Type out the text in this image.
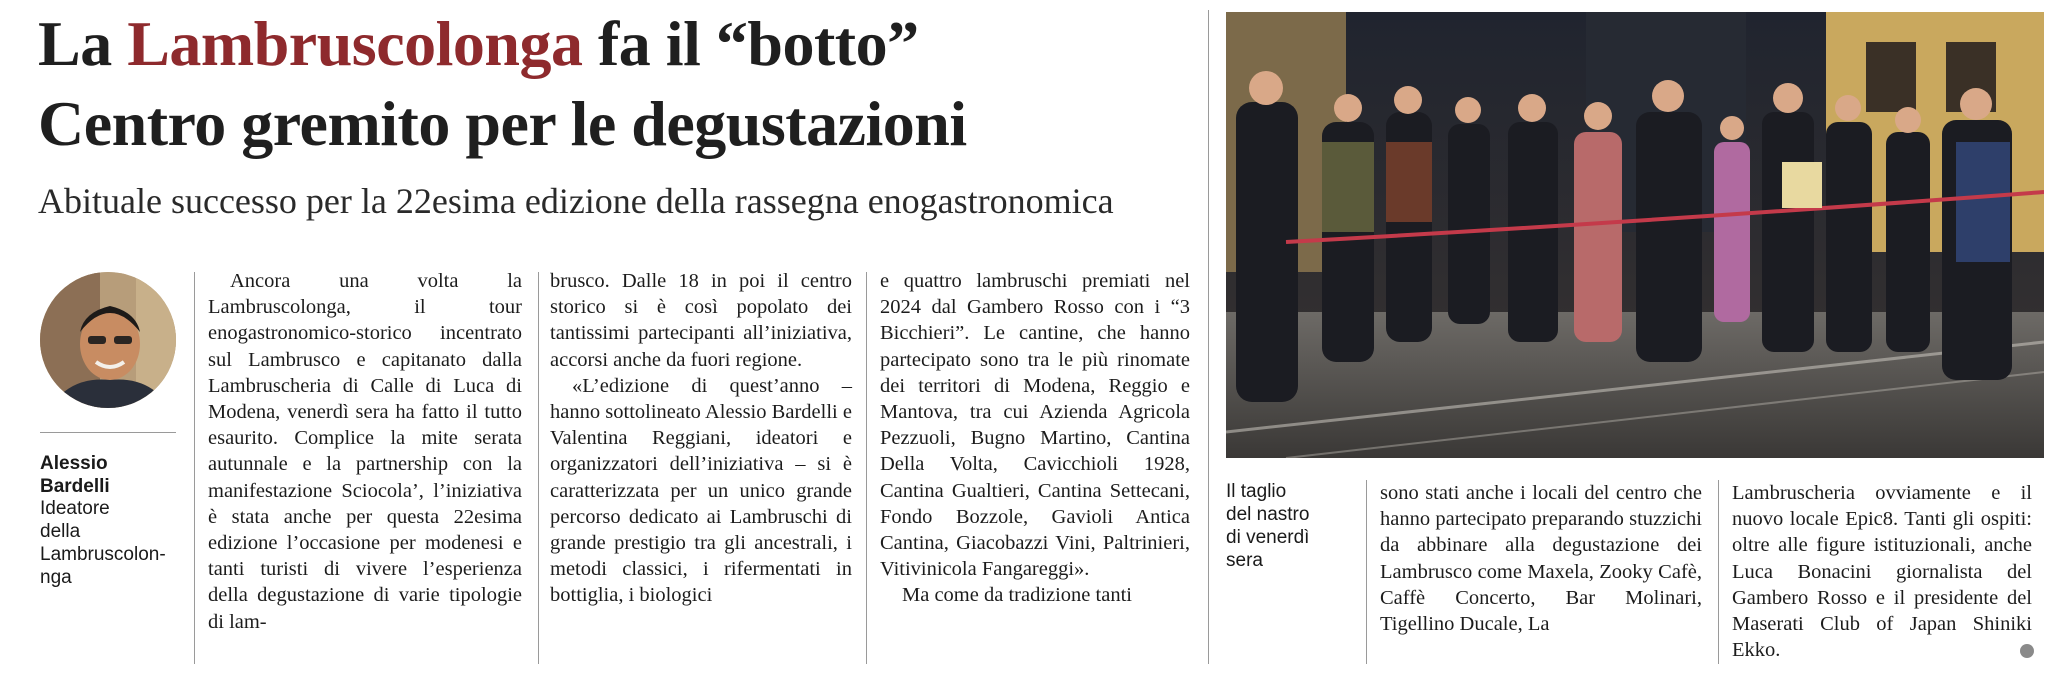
La Lambruscolonga fa il “botto”
Centro gremito per le degustazioni
Abituale successo per la 22esima edizione della rassegna enogastronomica
Alessio
Bardelli
Ideatore
della
Lambruscolon-
nga

Ancora una volta la Lambruscolonga, il tour enogastronomico-storico incentrato sul Lambrusco e capitanato dalla Lambruscheria di Calle di Luca di Modena, venerdì sera ha fatto il tutto esaurito. Complice la mite serata autunnale e la partnership con la manifestazione Sciocola’, l’iniziativa è stata anche per questa 22esima edizione l’occasione per modenesi e tanti turisti di vivere l’esperienza della degustazione di varie tipologie di lam-

brusco. Dalle 18 in poi il centro storico si è così popolato dei tantissimi partecipanti all’iniziativa, accorsi anche da fuori regione.

«L’edizione di quest’anno – hanno sottolineato Alessio Bardelli e Valentina Reggiani, ideatori e organizzatori dell’iniziativa – si è caratterizzata per un unico grande percorso dedicato ai Lambruschi di grande prestigio tra gli ancestrali, i metodi classici, i rifermentati in bottiglia, i biologici

e quattro lambruschi premiati nel 2024 dal Gambero Rosso con i “3 Bicchieri”. Le cantine, che hanno partecipato sono tra le più rinomate dei territori di Modena, Reggio e Mantova, tra cui Azienda Agricola Pezzuoli, Bugno Martino, Cantina Della Volta, Cavicchioli 1928, Cantina Gualtieri, Cantina Settecani, Fondo Bozzole, Gavioli Antica Cantina, Giacobazzi Vini, Paltrinieri, Vitivinicola Fangareggi».

Ma come da tradizione tanti

Il taglio
del nastro
di venerdì
sera

sono stati anche i locali del centro che hanno partecipato preparando stuzzichi da abbinare alla degustazione dei Lambrusco come Maxela, Zooky Cafè, Caffè Concerto, Bar Molinari, Tigellino Ducale, La

Lambruscheria ovviamente e il nuovo locale Epic8. Tanti gli ospiti: oltre alle figure istituzionali, anche Luca Bonacini giornalista del Gambero Rosso e il presidente del Maserati Club of Japan Shiniki Ekko.
